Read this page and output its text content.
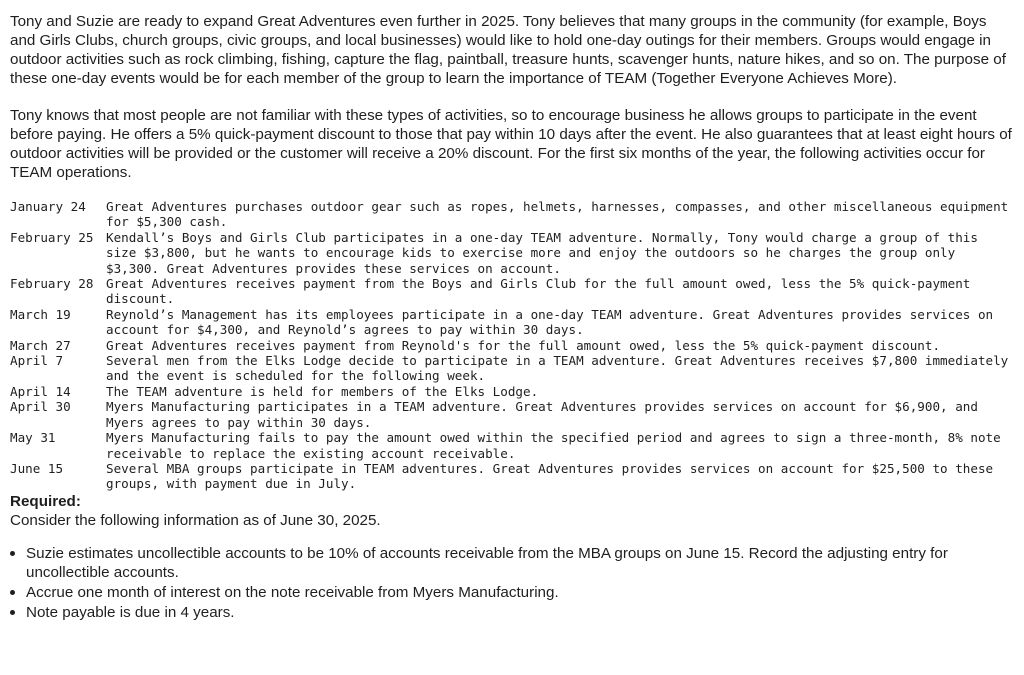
Tony and Suzie are ready to expand Great Adventures even further in 2025. Tony believes that many groups in the community (for example, Boys and Girls Clubs, church groups, civic groups, and local businesses) would like to hold one-day outings for their members. Groups would engage in outdoor activities such as rock climbing, fishing, capture the flag, paintball, treasure hunts, scavenger hunts, nature hikes, and so on. The purpose of these one-day events would be for each member of the group to learn the importance of TEAM (Together Everyone Achieves More).

Tony knows that most people are not familiar with these types of activities, so to encourage business he allows groups to participate in the event before paying. He offers a 5% quick-payment discount to those that pay within 10 days after the event. He also guarantees that at least eight hours of outdoor activities will be provided or the customer will receive a 20% discount. For the first six months of the year, the following activities occur for TEAM operations.

January 24	Great Adventures purchases outdoor gear such as ropes, helmets, harnesses, compasses, and other miscellaneous equipment for $5,300 cash.
February 25 Kendall’s Boys and Girls Club participates in a one-day TEAM adventure. Normally, Tony would charge a group of this size $3,800, but he wants to encourage kids to exercise more and enjoy the outdoors so he charges the group only $3,300. Great Adventures provides these services on account.
February 28 Great Adventures receives payment from the Boys and Girls Club for the full amount owed, less the 5% quick-payment discount.
March 19	Reynold’s Management has its employees participate in a one-day TEAM adventure. Great Adventures provides services on account for $4,300, and Reynold’s agrees to pay within 30 days.
March 27	Great Adventures receives payment from Reynold's for the full amount owed, less the 5% quick-payment discount.
April 7	Several men from the Elks Lodge decide to participate in a TEAM adventure. Great Adventures receives $7,800 immediately and the event is scheduled for the following week.
April 14	The TEAM adventure is held for members of the Elks Lodge.
April 30	Myers Manufacturing participates in a TEAM adventure. Great Adventures provides services on account for $6,900, and Myers agrees to pay within 30 days.
May 31	Myers Manufacturing fails to pay the amount owed within the specified period and agrees to sign a three-month, 8% note receivable to replace the existing account receivable.
June 15	Several MBA groups participate in TEAM adventures. Great Adventures provides services on account for $25,500 to these groups, with payment due in July.
Required:

Consider the following information as of June 30, 2025.

Suzie estimates uncollectible accounts to be 10% of accounts receivable from the MBA groups on June 15. Record the adjusting entry for uncollectible accounts.
Accrue one month of interest on the note receivable from Myers Manufacturing.
Note payable is due in 4 years.
